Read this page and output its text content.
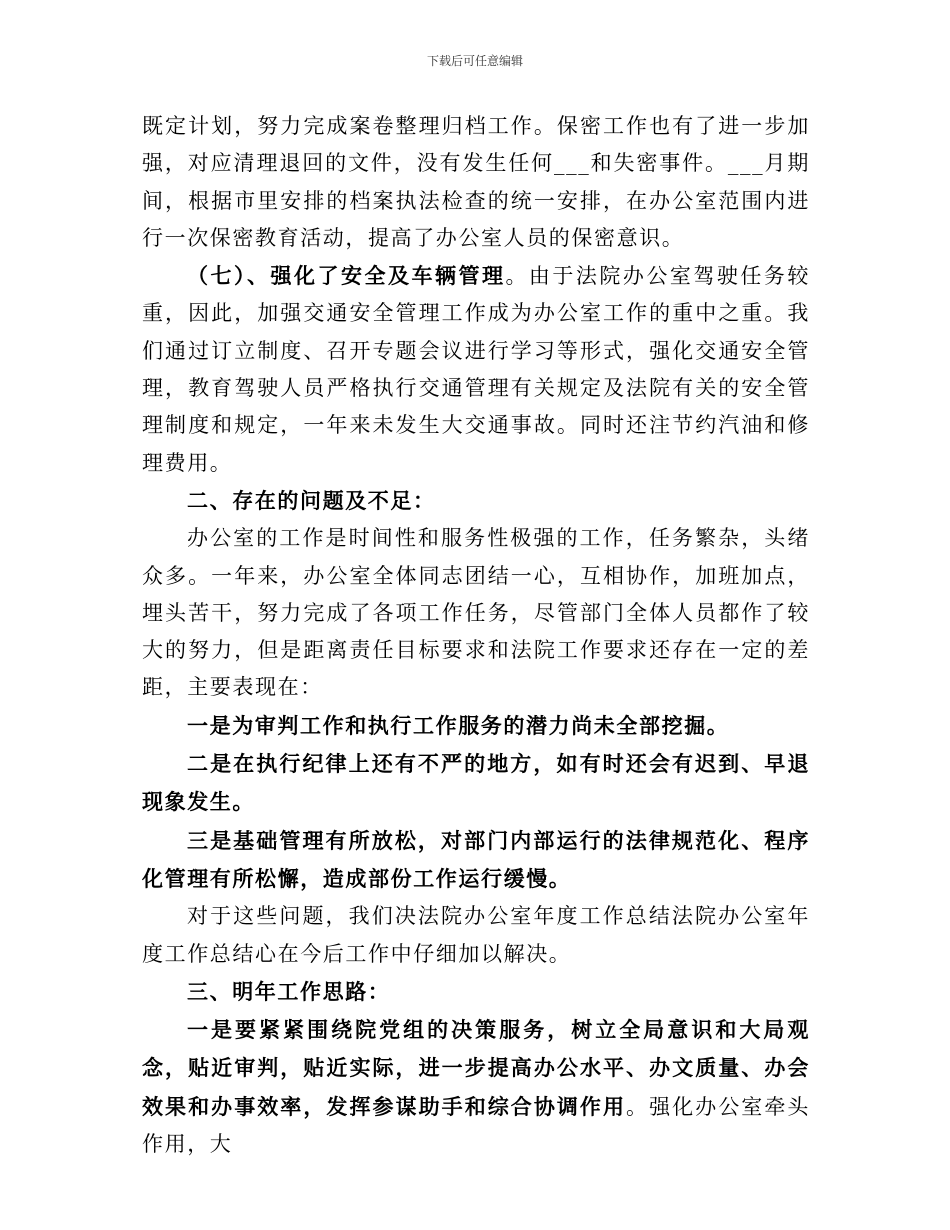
下载后可任意编辑

既定计划，努力完成案卷整理归档工作。保密工作也有了进一步加强，对应清理退回的文件，没有发生任何___和失密事件。___月期间，根据市里安排的档案执法检查的统一安排，在办公室范围内进行一次保密教育活动，提高了办公室人员的保密意识。

（七）、强化了安全及车辆管理。由于法院办公室驾驶任务较重，因此，加强交通安全管理工作成为办公室工作的重中之重。我们通过订立制度、召开专题会议进行学习等形式，强化交通安全管理，教育驾驶人员严格执行交通管理有关规定及法院有关的安全管理制度和规定，一年来未发生大交通事故。同时还注节约汽油和修理费用。

二、存在的问题及不足：

办公室的工作是时间性和服务性极强的工作，任务繁杂，头绪众多。一年来，办公室全体同志团结一心，互相协作，加班加点，埋头苦干，努力完成了各项工作任务，尽管部门全体人员都作了较大的努力，但是距离责任目标要求和法院工作要求还存在一定的差距，主要表现在：

一是为审判工作和执行工作服务的潜力尚未全部挖掘。

二是在执行纪律上还有不严的地方，如有时还会有迟到、早退现象发生。

三是基础管理有所放松，对部门内部运行的法律规范化、程序化管理有所松懈，造成部份工作运行缓慢。

对于这些问题，我们决法院办公室年度工作总结法院办公室年度工作总结心在今后工作中仔细加以解决。

三、明年工作思路：

一是要紧紧围绕院党组的决策服务，树立全局意识和大局观念，贴近审判，贴近实际，进一步提高办公水平、办文质量、办会效果和办事效率，发挥参谋助手和综合协调作用。强化办公室牵头作用，大
